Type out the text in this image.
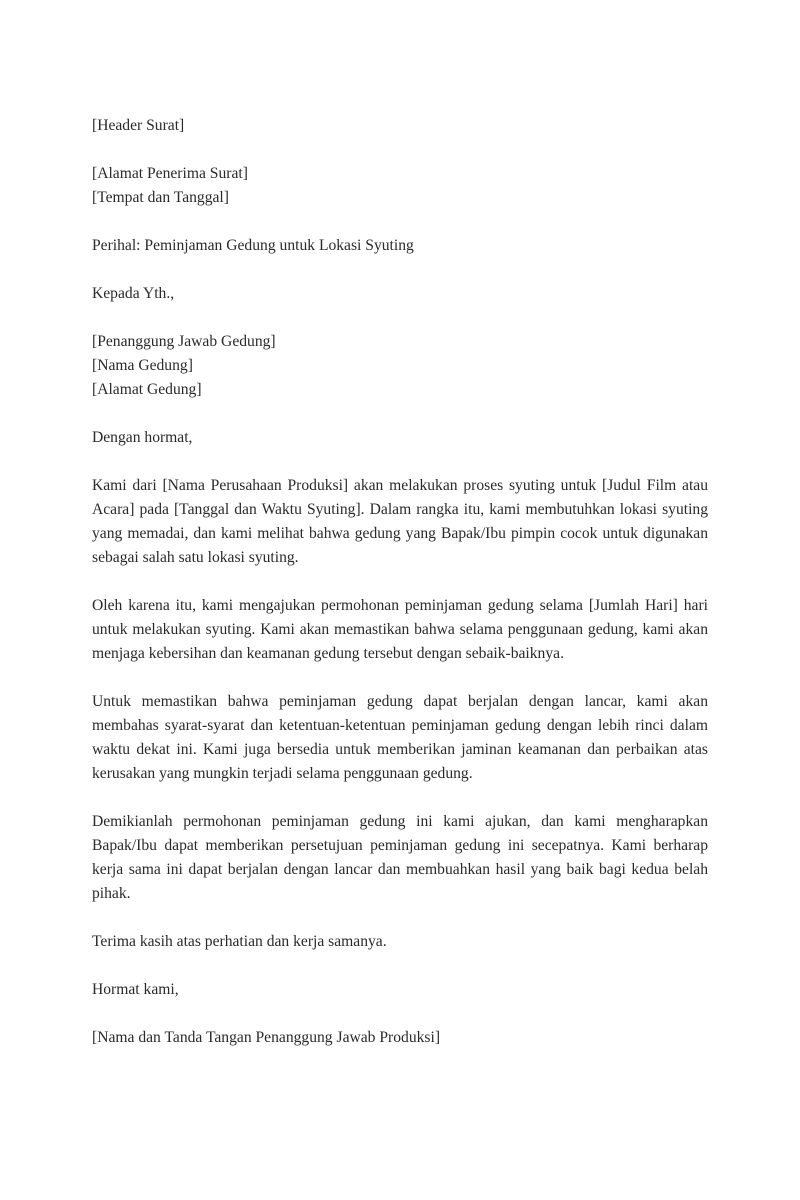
[Header Surat]

[Alamat Penerima Surat]

[Tempat dan Tanggal]

Perihal: Peminjaman Gedung untuk Lokasi Syuting

Kepada Yth.,

[Penanggung Jawab Gedung]

[Nama Gedung]

[Alamat Gedung]

Dengan hormat,

Kami dari [Nama Perusahaan Produksi] akan melakukan proses syuting untuk [Judul Film atau Acara] pada [Tanggal dan Waktu Syuting]. Dalam rangka itu, kami membutuhkan lokasi syuting yang memadai, dan kami melihat bahwa gedung yang Bapak/Ibu pimpin cocok untuk digunakan sebagai salah satu lokasi syuting.

Oleh karena itu, kami mengajukan permohonan peminjaman gedung selama [Jumlah Hari] hari untuk melakukan syuting. Kami akan memastikan bahwa selama penggunaan gedung, kami akan menjaga kebersihan dan keamanan gedung tersebut dengan sebaik-baiknya.

Untuk memastikan bahwa peminjaman gedung dapat berjalan dengan lancar, kami akan membahas syarat-syarat dan ketentuan-ketentuan peminjaman gedung dengan lebih rinci dalam waktu dekat ini. Kami juga bersedia untuk memberikan jaminan keamanan dan perbaikan atas kerusakan yang mungkin terjadi selama penggunaan gedung.

Demikianlah permohonan peminjaman gedung ini kami ajukan, dan kami mengharapkan Bapak/Ibu dapat memberikan persetujuan peminjaman gedung ini secepatnya. Kami berharap kerja sama ini dapat berjalan dengan lancar dan membuahkan hasil yang baik bagi kedua belah pihak.

Terima kasih atas perhatian dan kerja samanya.

Hormat kami,

[Nama dan Tanda Tangan Penanggung Jawab Produksi]
